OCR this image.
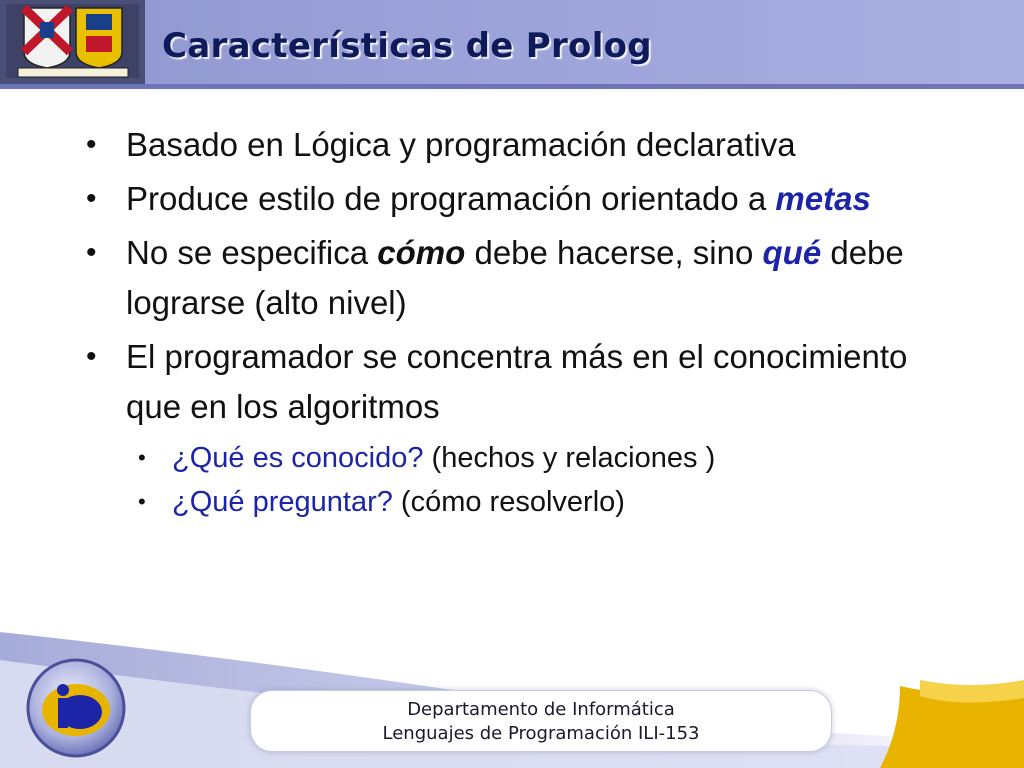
Características de Prolog
• Basado en Lógica y programación declarativa
• Produce estilo de programación orientado a metas
• No se especifica cómo debe hacerse, sino qué debe lograrse (alto nivel)
• El programador se concentra más en el conocimiento que en los algoritmos
• ¿Qué es conocido? (hechos y relaciones )
• ¿Qué preguntar? (cómo resolverlo)
Departamento de Informática
Lenguajes de Programación ILI-153
